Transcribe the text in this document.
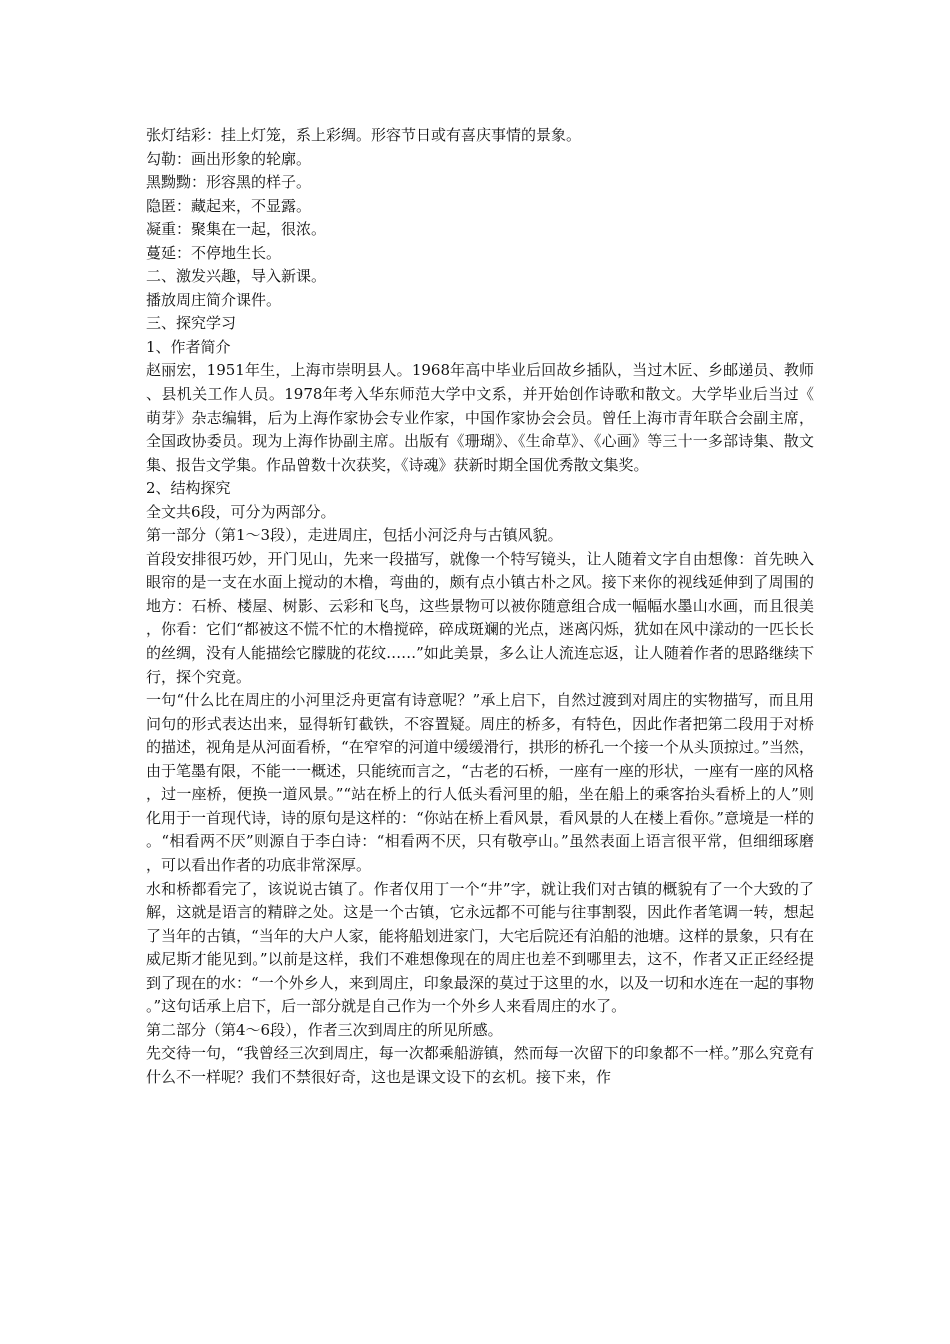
张灯结彩：挂上灯笼，系上彩绸。形容节日或有喜庆事情的景象。

勾勒：画出形象的轮廓。

黑黝黝：形容黑的样子。

隐匿：藏起来，不显露。

凝重：聚集在一起，很浓。

蔓延：不停地生长。

二、激发兴趣，导入新课。

播放周庄简介课件。

三、探究学习

1、作者简介

赵丽宏，1951年生，上海市崇明县人。1968年高中毕业后回故乡插队，当过木匠、乡邮递员、教师、县机关工作人员。1978年考入华东师范大学中文系，并开始创作诗歌和散文。大学毕业后当过《萌芽》杂志编辑，后为上海作家协会专业作家，中国作家协会会员。曾任上海市青年联合会副主席，全国政协委员。现为上海作协副主席。出版有《珊瑚》、《生命草》、《心画》等三十一多部诗集、散文集、报告文学集。作品曾数十次获奖，《诗魂》获新时期全国优秀散文集奖。

2、结构探究

全文共6段，可分为两部分。

第一部分（第1～3段），走进周庄，包括小河泛舟与古镇风貌。

首段安排很巧妙，开门见山，先来一段描写，就像一个特写镜头，让人随着文字自由想像：首先映入眼帘的是一支在水面上搅动的木橹，弯曲的，颇有点小镇古朴之风。接下来你的视线延伸到了周围的地方：石桥、楼屋、树影、云彩和飞鸟，这些景物可以被你随意组合成一幅幅水墨山水画，而且很美，你看：它们“都被这不慌不忙的木橹搅碎，碎成斑斓的光点，迷离闪烁，犹如在风中漾动的一匹长长的丝绸，没有人能描绘它朦胧的花纹……”如此美景，多么让人流连忘返，让人随着作者的思路继续下行，探个究竟。

一句“什么比在周庄的小河里泛舟更富有诗意呢？”承上启下，自然过渡到对周庄的实物描写，而且用问句的形式表达出来，显得斩钉截铁，不容置疑。周庄的桥多，有特色，因此作者把第二段用于对桥的描述，视角是从河面看桥，“在窄窄的河道中缓缓滑行，拱形的桥孔一个接一个从头顶掠过。”当然，由于笔墨有限，不能一一概述，只能统而言之，“古老的石桥，一座有一座的形状，一座有一座的风格，过一座桥，便换一道风景。”“站在桥上的行人低头看河里的船，坐在船上的乘客抬头看桥上的人”则化用于一首现代诗，诗的原句是这样的：“你站在桥上看风景，看风景的人在楼上看你。”意境是一样的。“相看两不厌”则源自于李白诗：“相看两不厌，只有敬亭山。”虽然表面上语言很平常，但细细琢磨，可以看出作者的功底非常深厚。

水和桥都看完了，该说说古镇了。作者仅用丁一个“井”字，就让我们对古镇的概貌有了一个大致的了解，这就是语言的精辟之处。这是一个古镇，它永远都不可能与往事割裂，因此作者笔调一转，想起了当年的古镇，“当年的大户人家，能将船划进家门，大宅后院还有泊船的池塘。这样的景象，只有在威尼斯才能见到。”以前是这样，我们不难想像现在的周庄也差不到哪里去，这不，作者又正正经经提到了现在的水：“一个外乡人，来到周庄，印象最深的莫过于这里的水，以及一切和水连在一起的事物。”这句话承上启下，后一部分就是自己作为一个外乡人来看周庄的水了。

第二部分（第4～6段），作者三次到周庄的所见所感。

先交待一句，“我曾经三次到周庄，每一次都乘船游镇，然而每一次留下的印象都不一样。”那么究竟有什么不一样呢？我们不禁很好奇，这也是课文设下的玄机。接下来，作
